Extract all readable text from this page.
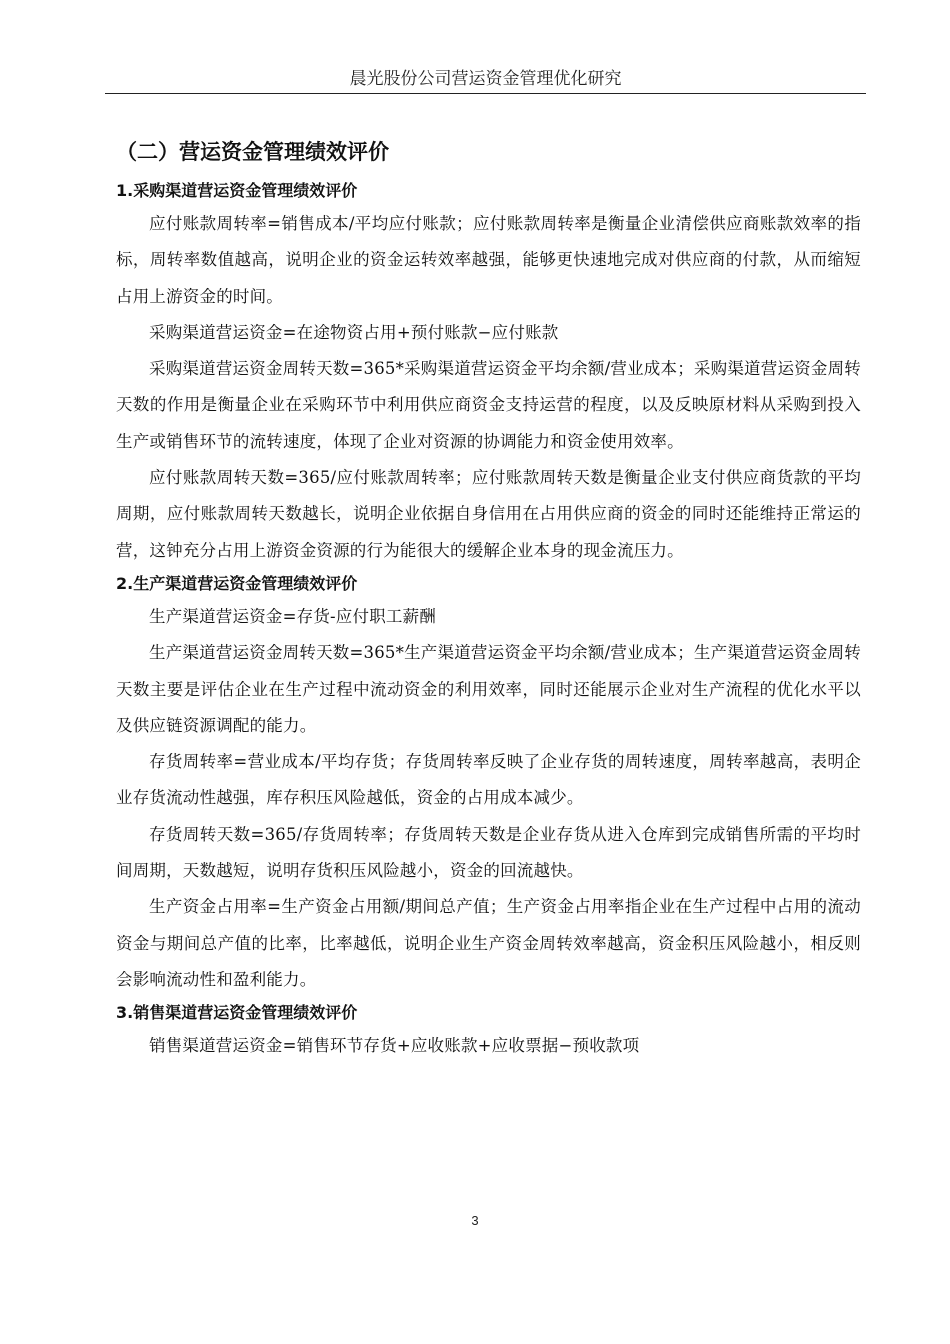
晨光股份公司营运资金管理优化研究
（二）营运资金管理绩效评价
1.采购渠道营运资金管理绩效评价

应付账款周转率=销售成本/平均应付账款；应付账款周转率是衡量企业清偿供应商账款效率的指标，周转率数值越高，说明企业的资金运转效率越强，能够更快速地完成对供应商的付款，从而缩短占用上游资金的时间。

采购渠道营运资金=在途物资占用+预付账款−应付账款

采购渠道营运资金周转天数=365*采购渠道营运资金平均余额/营业成本；采购渠道营运资金周转天数的作用是衡量企业在采购环节中利用供应商资金支持运营的程度，以及反映原材料从采购到投入生产或销售环节的流转速度，体现了企业对资源的协调能力和资金使用效率。

应付账款周转天数=365/应付账款周转率；应付账款周转天数是衡量企业支付供应商货款的平均周期，应付账款周转天数越长，说明企业依据自身信用在占用供应商的资金的同时还能维持正常运的营，这钟充分占用上游资金资源的行为能很大的缓解企业本身的现金流压力。

2.生产渠道营运资金管理绩效评价

生产渠道营运资金=存货-应付职工薪酬

生产渠道营运资金周转天数=365*生产渠道营运资金平均余额/营业成本；生产渠道营运资金周转天数主要是评估企业在生产过程中流动资金的利用效率，同时还能展示企业对生产流程的优化水平以及供应链资源调配的能力。

存货周转率=营业成本/平均存货；存货周转率反映了企业存货的周转速度，周转率越高，表明企业存货流动性越强，库存积压风险越低，资金的占用成本减少。

存货周转天数=365/存货周转率；存货周转天数是企业存货从进入仓库到完成销售所需的平均时间周期，天数越短，说明存货积压风险越小，资金的回流越快。

生产资金占用率=生产资金占用额/期间总产值；生产资金占用率指企业在生产过程中占用的流动资金与期间总产值的比率，比率越低，说明企业生产资金周转效率越高，资金积压风险越小，相反则会影响流动性和盈利能力。

3.销售渠道营运资金管理绩效评价

销售渠道营运资金=销售环节存货+应收账款+应收票据−预收款项

3
